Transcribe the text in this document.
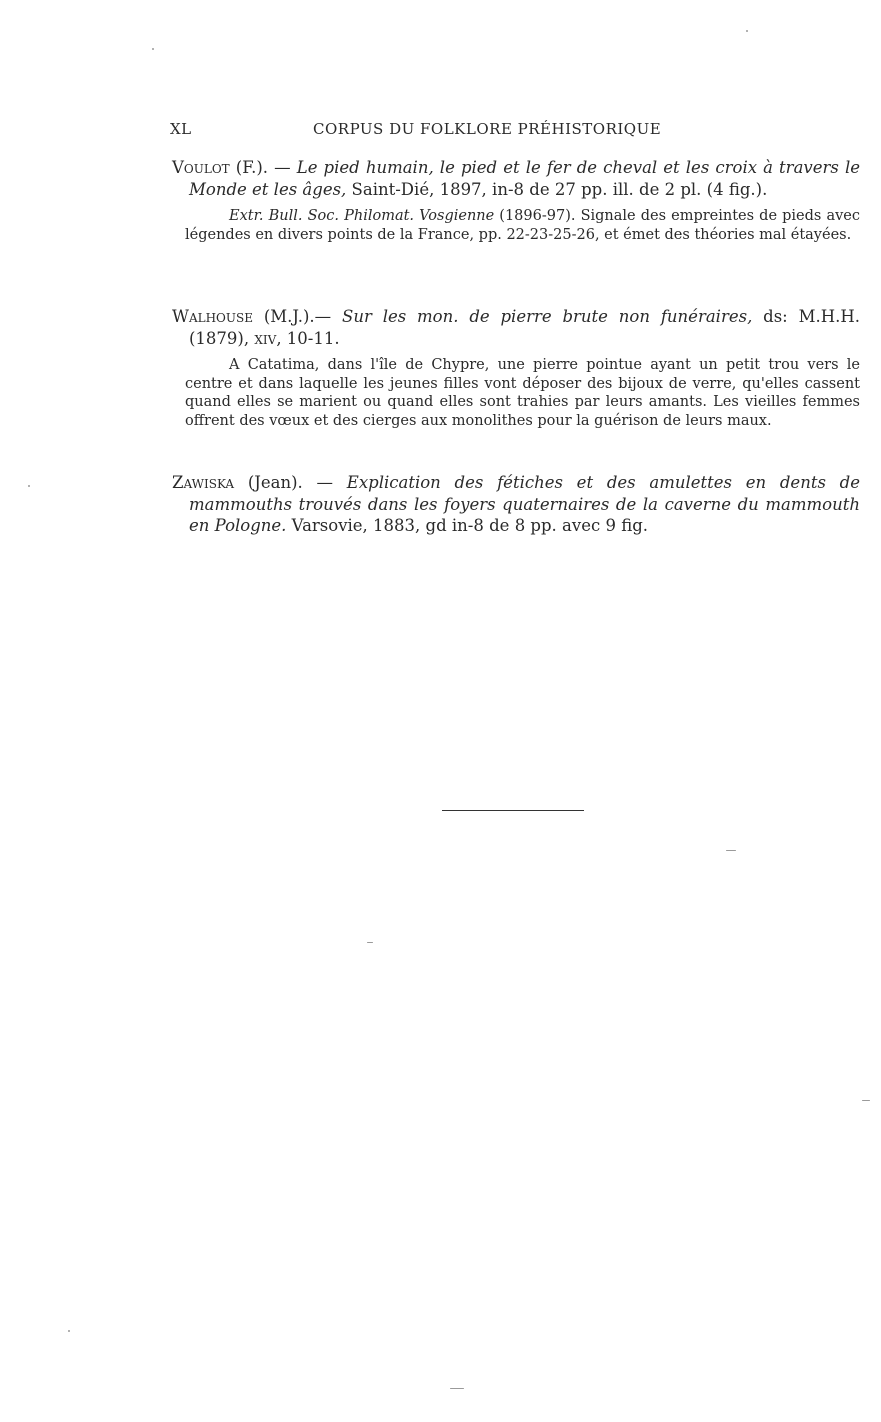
XL	CORPUS DU FOLKLORE PRÉHISTORIQUE
Voulot (F.). — Le pied humain, le pied et le fer de cheval et les croix à travers le Monde et les âges, Saint-Dié, 1897, in-8 de 27 pp. ill. de 2 pl. (4 fig.).
Extr. Bull. Soc. Philomat. Vosgienne (1896-97). Signale des empreintes de pieds avec légendes en divers points de la France, pp. 22-23-25-26, et émet des théories mal étayées.
Walhouse (M.J.).— Sur les mon. de pierre brute non funéraires, ds: M.H.H. (1879), xiv, 10-11.
A Catatima, dans l'île de Chypre, une pierre pointue ayant un petit trou vers le centre et dans laquelle les jeunes filles vont déposer des bijoux de verre, qu'elles cassent quand elles se marient ou quand elles sont trahies par leurs amants. Les vieilles femmes offrent des vœux et des cierges aux monolithes pour la guérison de leurs maux.
Zawiska (Jean). — Explication des fétiches et des amulettes en dents de mammouths trouvés dans les foyers quaternaires de la caverne du mammouth en Pologne. Varsovie, 1883, gd in-8 de 8 pp. avec 9 fig.
